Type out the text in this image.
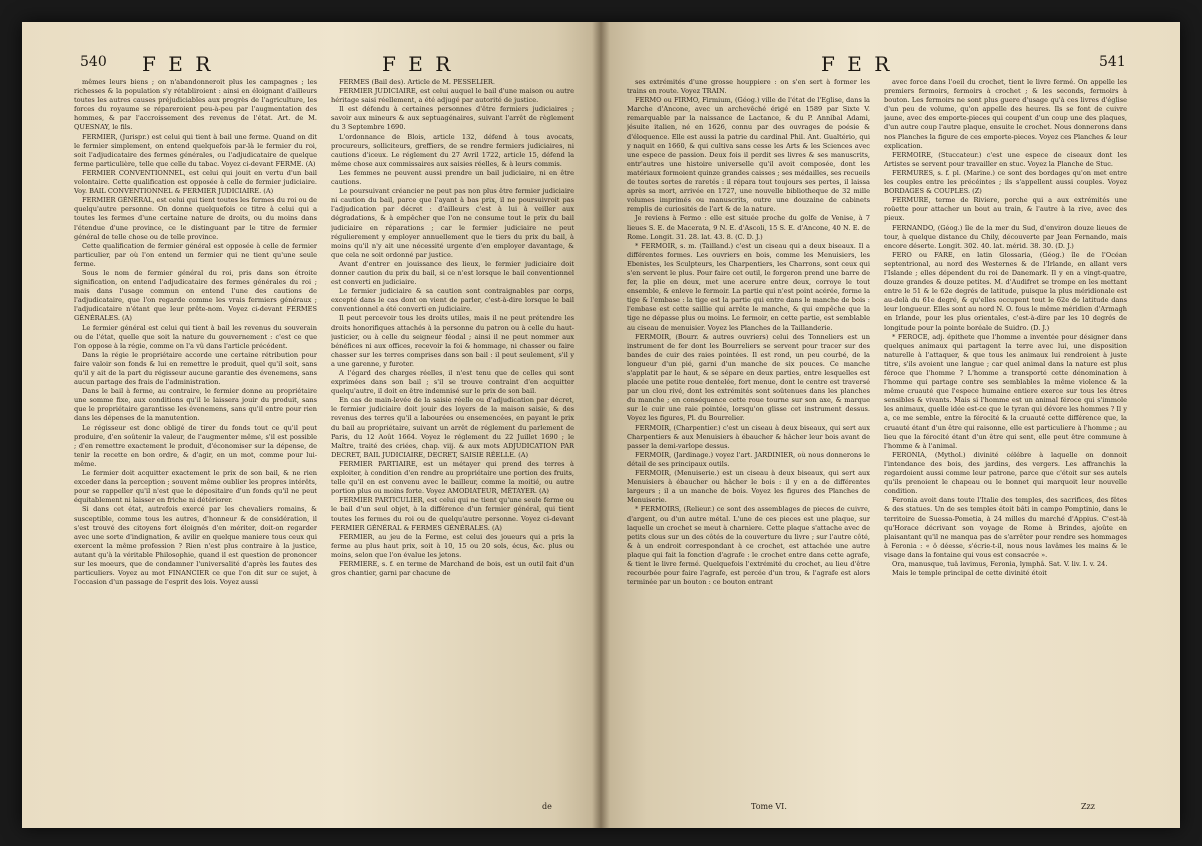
540 F E R	F E R

mêmes leurs biens ; on n'abandonneroit plus les campagnes ; les richesses & la population s'y rétabliroient : ainsi en éloignant d'ailleurs toutes les autres causes préjudiciables aux progrès de l'agriculture, les forces du royaume se répareroient peu-à-peu par l'augmentation des hommes, & par l'accroissement des revenus de l'état. Art. de M. QUESNAY, le fils.

FERMIER, (Jurispr.) est celui qui tient à bail une ferme. Quand on dit le fermier simplement, on entend quelquefois par-là le fermier du roi, soit l'adjudicataire des fermes générales, ou l'adjudicataire de quelque ferme particulière, telle que celle du tabac. Voyez ci-devant FERME. (A)

FERMIER CONVENTIONNEL, est celui qui jouit en vertu d'un bail volontaire. Cette qualification est opposée à celle de fermier judiciaire. Voy. BAIL CONVENTIONNEL & FERMIER JUDICIAIRE. (A)

FERMIER GÉNÉRAL, est celui qui tient toutes les fermes du roi ou de quelqu'autre personne. On donne quelquefois ce titre à celui qui a toutes les fermes d'une certaine nature de droits, ou du moins dans l'étendue d'une province, ce le distinguant par le titre de fermier général de telle chose ou de telle province.

Cette qualification de fermier général est opposée à celle de fermier particulier, par où l'on entend un fermier qui ne tient qu'une seule ferme.

Sous le nom de fermier général du roi, pris dans son étroite signification, on entend l'adjudicataire des fermes générales du roi ; mais dans l'usage commun on entend l'une des cautions de l'adjudicataire, que l'on regarde comme les vrais fermiers généraux ; l'adjudicataire n'étant que leur prête-nom. Voyez ci-devant FERMES GÉNÉRALES. (A)

Le fermier général est celui qui tient à bail les revenus du souverain ou de l'état, quelle que soit la nature du gouvernement : c'est ce que l'on oppose à la régie, comme on l'a vû dans l'article précédent.

Dans la régie le propriétaire accorde une certaine rétribution pour faire valoir son fonds & lui en remettre le produit, quel qu'il soit, sans qu'il y ait de la part du régisseur aucune garantie des évenemens, sans aucun partage des frais de l'administration.

Dans le bail à ferme, au contraire, le fermier donne au propriétaire une somme fixe, aux conditions qu'il le laissera jouir du produit, sans que le propriétaire garantisse les évenemens, sans qu'il entre pour rien dans les dépenses de la manutention.

Le régisseur est donc obligé de tirer du fonds tout ce qu'il peut produire, d'en soûtenir la valeur, de l'augmenter même, s'il est possible ; d'en remettre exactement le produit, d'économiser sur la dépense, de tenir la recette en bon ordre, & d'agir, en un mot, comme pour lui-même.

Le fermier doit acquitter exactement le prix de son bail, & ne rien exceder dans la perception ; souvent même oublier les propres intérêts, pour se rappeller qu'il n'est que le dépositaire d'un fonds qu'il ne peut équitablement ni laisser en friche ni détériorer.

Si dans cet état, autrefois exercé par les chevaliers romains, & susceptible, comme tous les autres, d'honneur & de considération, il s'est trouvé des citoyens fort éloignés d'en mériter, doit-on regarder avec une sorte d'indignation, & avilir en quelque maniere tous ceux qui exercent la même profession ? Rien n'est plus contraire à la justice, autant qu'à la véritable Philosophie, quand il est question de prononcer sur les moeurs, que de condamner l'universalité d'après les fautes des particuliers. Voyez au mot FINANCIER ce que l'on dit sur ce sujet, à l'occasion d'un passage de l'esprit des lois. Voyez aussi

FERMES (Bail des). Article de M. PESSELIER.

FERMIER JUDICIAIRE, est celui auquel le bail d'une maison ou autre héritage saisi réellement, a été adjugé par autorité de justice.

Il est défendu à certaines personnes d'être fermiers judiciaires ; savoir aux mineurs & aux septuagénaires, suivant l'arrêt de règlement du 3 Septembre 1690.

L'ordonnance de Blois, article 132, défend à tous avocats, procureurs, solliciteurs, greffiers, de se rendre fermiers judiciaires, ni cautions d'iceux. Le réglement du 27 Avril 1722, article 15, défend la même chose aux commissaires aux saisies réelles, & à leurs commis.

Les femmes ne peuvent aussi prendre un bail judiciaire, ni en être cautions.

Le poursuivant créancier ne peut pas non plus être fermier judiciaire ni caution du bail, parce que l'ayant à bas prix, il ne poursuivroit pas l'adjudication par décret : d'ailleurs c'est à lui à veiller aux dégradations, & à empêcher que l'on ne consume tout le prix du bail judiciaire en réparations ; car le fermier judiciaire ne peut régulierement y employer annuellement que le tiers du prix du bail, à moins qu'il n'y ait une nécessité urgente d'en employer davantage, & que cela ne soit ordonné par justice.

Avant d'entrer en jouissance des lieux, le fermier judiciaire doit donner caution du prix du bail, si ce n'est lorsque le bail conventionnel est converti en judiciaire.

Le fermier judiciaire & sa caution sont contraignables par corps, excepté dans le cas dont on vient de parler, c'est-à-dire lorsque le bail conventionnel a été converti en judiciaire.

Il peut percevoir tous les droits utiles, mais il ne peut prétendre les droits honorifiques attachés à la personne du patron ou à celle du haut-justicier, ou à celle du seigneur féodal ; ainsi il ne peut nommer aux bénéfices ni aux offices, recevoir la foi & hommage, ni chasser ou faire chasser sur les terres comprises dans son bail : il peut seulement, s'il y a une garenne, y furoter.

A l'égard des charges réelles, il n'est tenu que de celles qui sont exprimées dans son bail ; s'il se trouve contraint d'en acquitter quelqu'autre, il doit en être indemnisé sur le prix de son bail.

En cas de main-levée de la saisie réelle ou d'adjudication par décret, le fermier judiciaire doit jouir des loyers de la maison saisie, & des revenus des terres qu'il a labourées ou ensemencées, en payant le prix du bail au propriétaire, suivant un arrêt de réglement du parlement de Paris, du 12 Août 1664. Voyez le réglement du 22 Juillet 1690 ; le Maître, traité des criées, chap. viij. & aux mots ADJUDICATION PAR DECRET, BAIL JUDICIAIRE, DECRET, SAISIE RÉELLE. (A)

FERMIER PARTIAIRE, est un métayer qui prend des terres à exploiter, à condition d'en rendre au propriétaire une portion des fruits, telle qu'il en est convenu avec le bailleur, comme la moitié, ou autre portion plus ou moins forte. Voyez AMODIATEUR, MÉTAYER. (A)

FERMIER PARTICULIER, est celui qui ne tient qu'une seule ferme ou le bail d'un seul objet, à la différence d'un fermier général, qui tient toutes les fermes du roi ou de quelqu'autre personne. Voyez ci-devant FERMIER GÉNÉRAL & FERMES GÉNÉRALES. (A)

FERMIER, au jeu de la Ferme, est celui des joueurs qui a pris la ferme au plus haut prix, soit à 10, 15 ou 20 sols, écus, &c. plus ou moins, selon que l'on évalue les jetons.

FERMIERE, s. f. en terme de Marchand de bois, est un outil fait d'un gros chantier, garni par chacune de

de
F E R	541

ses extrémités d'une grosse houppiere : on s'en sert à former les trains en route. Voyez TRAIN.

FERMO ou FIRMO, Firmium, (Géog.) ville de l'état de l'Eglise, dans la Marche d'Ancone, avec un archevêché érigé en 1589 par Sixte V. remarquable par la naissance de Lactance, & du P. Annibal Adami, jésuite italien, né en 1626, connu par des ouvrages de poésie & d'éloquence. Elle est aussi la patrie du cardinal Phil. Ant. Gualtério, qui y naquit en 1660, & qui cultiva sans cesse les Arts & les Sciences avec une espece de passion. Deux fois il perdit ses livres & ses manuscrits, entr'autres une histoire universelle qu'il avoit composée, dont les matériaux formoient quinze grandes caisses ; ses médailles, ses recueils de toutes sortes de raretés : il répara tout toujours ses pertes, il laissa après sa mort, arrivée en 1727, une nouvelle bibliotheque de 32 mille volumes imprimés ou manuscrits, outre une douzaine de cabinets remplis de curiosités de l'art & de la nature.

Je reviens à Fermo : elle est située proche du golfe de Venise, à 7 lieues S. E. de Macerata, 9 N. E. d'Ascoli, 15 S. E. d'Ancone, 40 N. E. de Rome. Longit. 31. 28. lat. 43. 8. (C. D. J.)

* FERMOIR, s. m. (Tailland.) c'est un ciseau qui a deux biseaux. Il a différentes formes. Les ouvriers en bois, comme les Menuisiers, les Ebenistes, les Sculpteurs, les Charpentiers, les Charrons, sont ceux qui s'en servent le plus. Pour faire cet outil, le forgeron prend une barre de fer, la plie en deux, met une acerure entre deux, corroye le tout ensemble, & enleve le fermoir. La partie qui n'est point acérée, forme la tige & l'embase : la tige est la partie qui entre dans le manche de bois : l'embase est cette saillie qui arrête le manche, & qui empêche que la tige ne dépasse plus ou moins. Le fermoir, en cette partie, est semblable au ciseau de menuisier. Voyez les Planches de la Taillanderie.

FERMOIR, (Bourr. & autres ouvriers) celui des Tonneliers est un instrument de fer dont les Bourreliers se servent pour tracer sur des bandes de cuir des raies pointées. Il est rond, un peu courbé, de la longueur d'un pié, garni d'un manche de six pouces. Ce manche s'applatit par le haut, & se sépare en deux parties, entre lesquelles est placée une petite roue dentelée, fort menue, dont le centre est traversé par un clou rivé, dont les extrémités sont soûtenues dans les planches du manche ; en conséquence cette roue tourne sur son axe, & marque sur le cuir une raie pointée, lorsqu'on glisse cet instrument dessus. Voyez les figures, Pl. du Bourrelier.

FERMOIR, (Charpentier.) c'est un ciseau à deux biseaux, qui sert aux Charpentiers & aux Menuisiers à ébaucher & hâcher leur bois avant de passer la demi-varlope dessus.

FERMOIR, (Jardinage.) voyez l'art. JARDINIER, où nous donnerons le détail de ses principaux outils.

FERMOIR, (Menuiserie.) est un ciseau à deux biseaux, qui sert aux Menuisiers à ébaucher ou hâcher le bois : il y en a de différentes largeurs ; il a un manche de bois. Voyez les figures des Planches de Menuiserie.

* FERMOIRS, (Relieur.) ce sont des assemblages de pieces de cuivre, d'argent, ou d'un autre métal. L'une de ces pieces est une plaque, sur laquelle un crochet se meut à charniere. Cette plaque s'attache avec de petits clous sur un des côtés de la couverture du livre ; sur l'autre côté, & à un endroit correspondant à ce crochet, est attachée une autre plaque qui fait la fonction d'agrafe : le crochet entre dans cette agrafe, & tient le livre fermé. Quelquefois l'extrémité du crochet, au lieu d'être recourbée pour faire l'agrafe, est percée d'un trou, & l'agrafe est alors terminée par un bouton : ce bouton entrant

avec force dans l'oeil du crochet, tient le livre fermé. On appelle les premiers fermoirs, fermoirs à crochet ; & les seconds, fermoirs à bouton. Les fermoirs ne sont plus guere d'usage qu'à ces livres d'église d'un peu de volume, qu'on appelle des heures. Ils se font de cuivre jaune, avec des emporte-pieces qui coupent d'un coup une des plaques, d'un autre coup l'autre plaque, ensuite le crochet. Nous donnerons dans nos Planches la figure de ces emporte-pieces. Voyez ces Planches & leur explication.

FERMOIRE, (Stuccateur.) c'est une espece de ciseaux dont les Artistes se servent pour travailler en stuc. Voyez la Planche de Stuc.

FERMURES, s. f. pl. (Marine.) ce sont des bordages qu'on met entre les couples entre les précéintes ; ils s'appellent aussi couples. Voyez BORDAGES & COUPLES. (Z)

FERMURE, terme de Riviere, porche qui a aux extrémités une roüette pour attacher un bout au train, & l'autre à la rive, avec des pieux.

FERNANDO, (Géog.) île de la mer du Sud, d'environ douze lieues de tour, à quelque distance du Chily, découverte par Jean Fernando, mais encore déserte. Longit. 302. 40. lat. mérid. 38. 30. (D. J.)

FERO ou FARE, en latin Glossaria, (Géog.) île de l'Océan septentrional, au nord des Westernes & de l'Irlande, en allant vers l'Islande ; elles dépendent du roi de Danemark. Il y en a vingt-quatre, douze grandes & douze petites. M. d'Audifret se trompe en les mettant entre le 51 & le 62e degrés de latitude, puisque la plus méridionale est au-delà du 61e degré, & qu'elles occupent tout le 62e de latitude dans leur longueur. Elles sont au nord N. O. fous le même méridien d'Armagh en Irlande, pour les plus orientales, c'est-à-dire par les 10 degrés de longitude pour la pointe boréale de Suidro. (D. J.)

* FEROCE, adj. épithete que l'homme a inventée pour désigner dans quelques animaux qui partagent la terre avec lui, une disposition naturelle à l'attaquer, & que tous les animaux lui rendroient à juste titre, s'ils avoient une langue ; car quel animal dans la nature est plus féroce que l'homme ? L'homme a transporté cette dénomination à l'homme qui partage contre ses semblables la même violence & la même cruauté que l'espece humaine entiere exerce sur tous les êtres sensibles & vivants. Mais si l'homme est un animal féroce qui s'immole les animaux, quelle idée est-ce que le tyran qui dévore les hommes ? Il y a, ce me semble, entre la férocité & la cruauté cette différence que, la cruauté étant d'un être qui raisonne, elle est particuliere à l'homme ; au lieu que la férocité étant d'un être qui sent, elle peut être commune à l'homme & à l'animal.

FERONIA, (Mythol.) divinité célébre à laquelle on donnoit l'intendance des bois, des jardins, des vergers. Les affranchis la regardoient aussi comme leur patrone, parce que c'étoit sur ses autels qu'ils prenoient le chapeau ou le bonnet qui marquoit leur nouvelle condition.

Feronia avoit dans toute l'Italie des temples, des sacrifices, des fêtes & des statues. Un de ses temples étoit bâti in campo Pomptinio, dans le territoire de Suessa-Pometia, à 24 milles du marché d'Appius. C'est-là qu'Horace décrivant son voyage de Rome à Brindes, ajoûte en plaisantant qu'il ne manqua pas de s'arrêter pour rendre ses hommages à Feronia : « ô déesse, s'écrie-t-il, nous nous lavâmes les mains & le visage dans la fontaine qui vous est consacrée ».

Ora, manusque, tuâ lavimus, Feronia, lymphâ. Sat. V. liv. I. v. 24.

Mais le temple principal de cette divinité étoit

Tome VI.	Zzz
